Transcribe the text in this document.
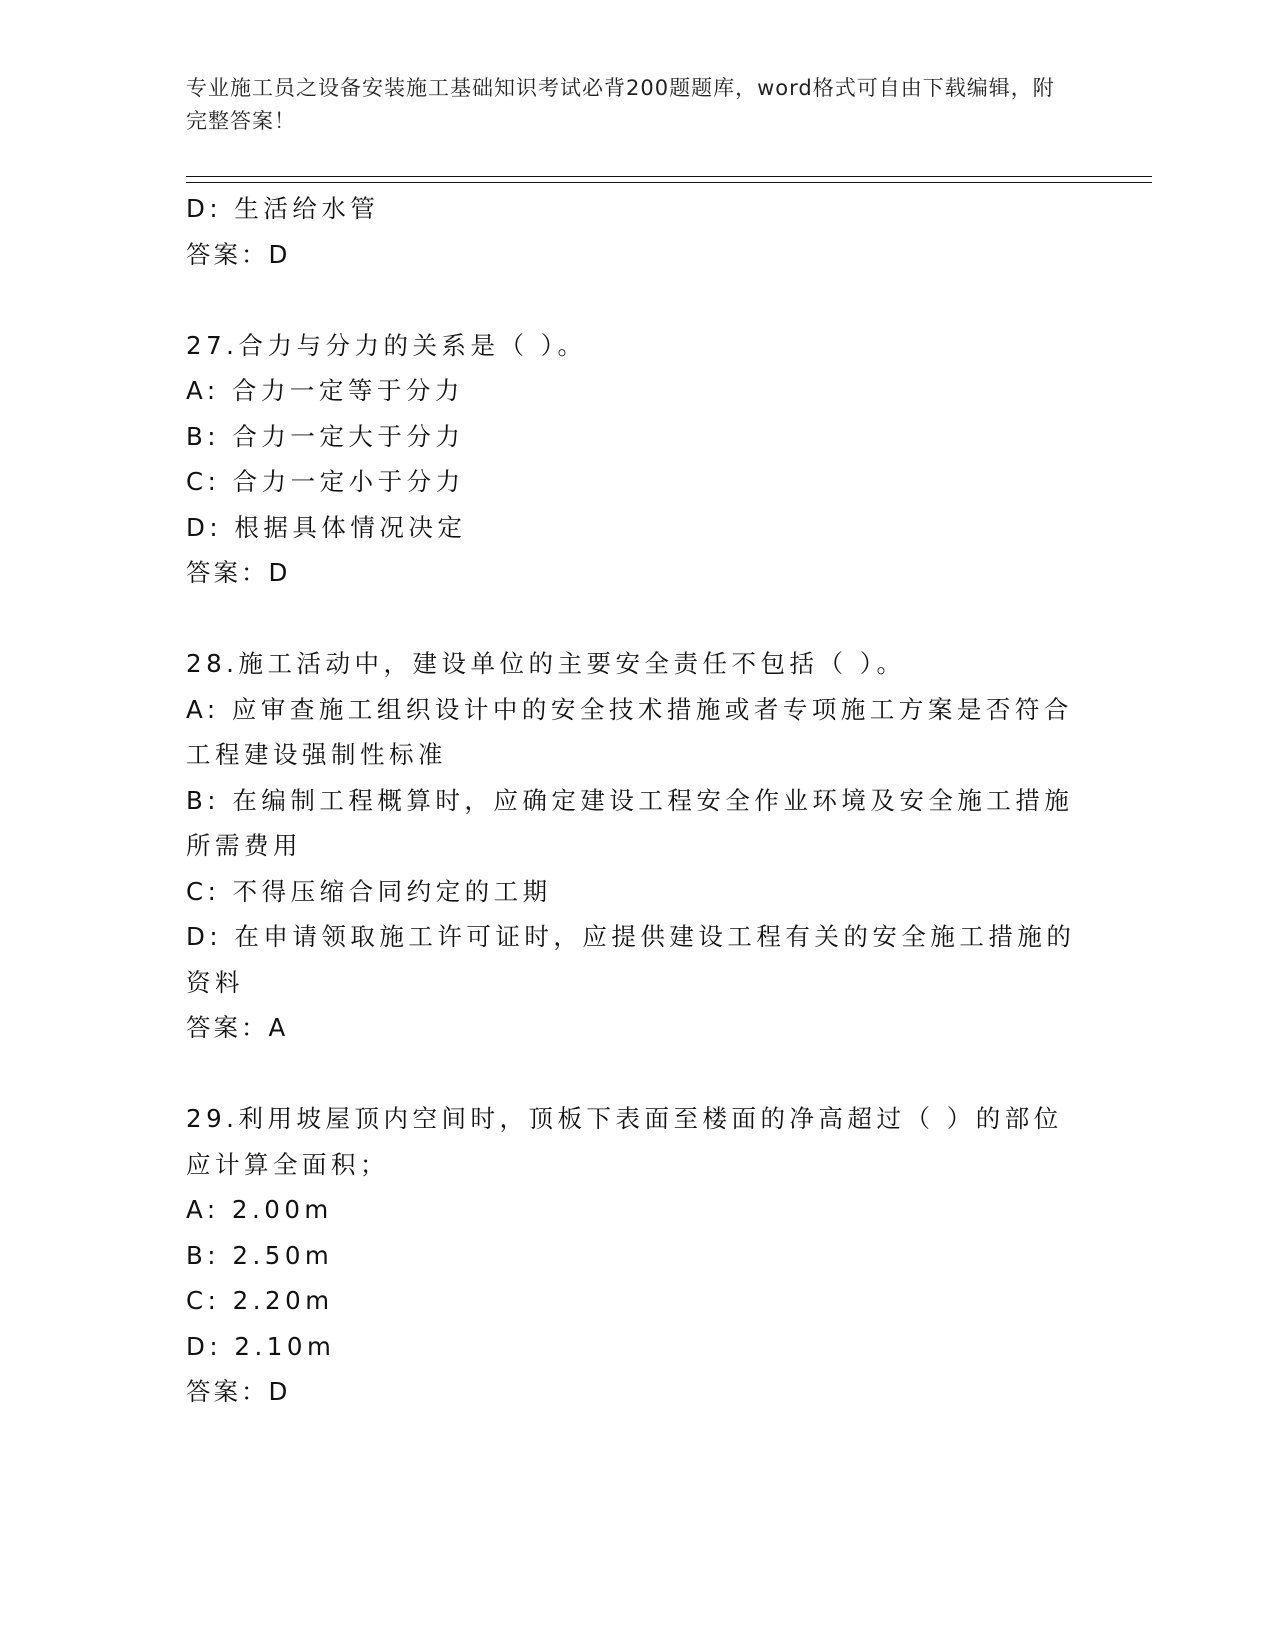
专业施工员之设备安装施工基础知识考试必背200题题库，word格式可自由下载编辑，附完整答案！
D: 生活给水管
答案：D
27.合力与分力的关系是（ ）。
A: 合力一定等于分力
B: 合力一定大于分力
C: 合力一定小于分力
D: 根据具体情况决定
答案：D
28.施工活动中，建设单位的主要安全责任不包括（ ）。
A: 应审查施工组织设计中的安全技术措施或者专项施工方案是否符合工程建设强制性标准
B: 在编制工程概算时，应确定建设工程安全作业环境及安全施工措施所需费用
C: 不得压缩合同约定的工期
D: 在申请领取施工许可证时，应提供建设工程有关的安全施工措施的资料
答案：A
29.利用坡屋顶内空间时，顶板下表面至楼面的净高超过（ ）的部位应计算全面积；
A: 2.00m
B: 2.50m
C: 2.20m
D: 2.10m
答案：D
